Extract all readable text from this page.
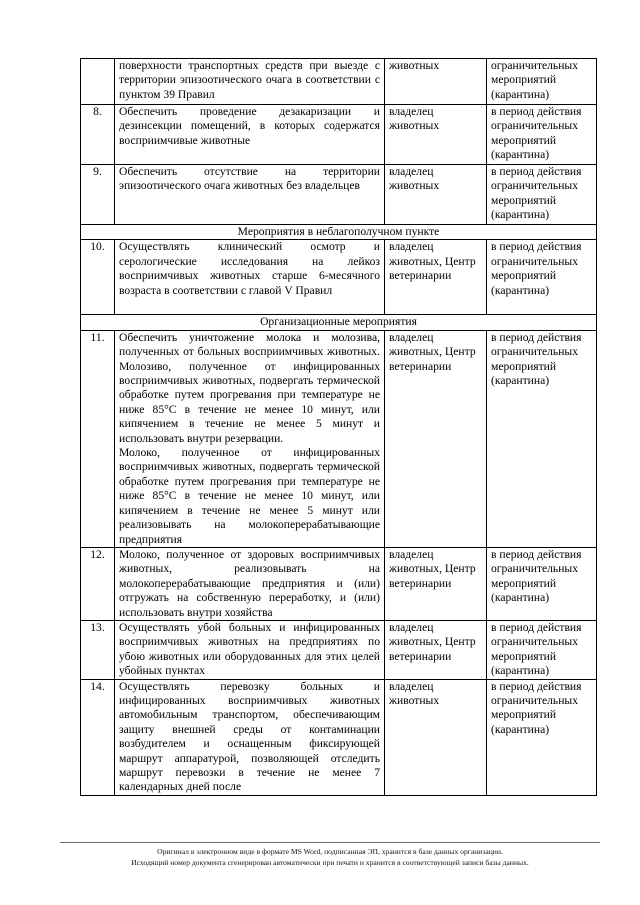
	поверхности транспортных средств при выезде с территории эпизоотического очага в соответствии с пунктом 39 Правил	животных	ограничительных мероприятий (карантина)
8.	Обеспечить проведение дезакаризации и дезинсекции помещений, в которых содержатся восприимчивые животные	владелец животных	в период действия ограничительных мероприятий (карантина)
9.	Обеспечить отсутствие на территории эпизоотического очага животных без владельцев	владелец животных	в период действия ограничительных мероприятий (карантина)
Мероприятия в неблагополучном пункте			
10.	Осуществлять клинический осмотр и серологические исследования на лейкоз восприимчивых животных старше 6-месячного возраста в соответствии с главой V Правил	владелец животных, Центр ветеринарии	в период действия ограничительных мероприятий (карантина)
Организационные мероприятия			
11.	Обеспечить уничтожение молока и молозива, полученных от больных восприимчивых животных. Молозиво, полученное от инфицированных восприимчивых животных, подвергать термической обработке путем прогревания при температуре не ниже 85°С в течение не менее 10 минут, или кипячением в течение не менее 5 минут и использовать внутри резервации.

Молоко, полученное от инфицированных восприимчивых животных, подвергать термической обработке путем прогревания при температуре не ниже 85°С в течение не менее 10 минут, или кипячением в течение не менее 5 минут или реализовывать на молокоперерабатывающие предприятия	владелец животных, Центр ветеринарии	в период действия ограничительных мероприятий (карантина)
12.	Молоко, полученное от здоровых восприимчивых животных, реализовывать на молокоперерабатывающие предприятия и (или) отгружать на собственную переработку, и (или) использовать внутри хозяйства	владелец животных, Центр ветеринарии	в период действия ограничительных мероприятий (карантина)
13.	Осуществлять убой больных и инфицированных восприимчивых животных на предприятиях по убою животных или оборудованных для этих целей убойных пунктах	владелец животных, Центр ветеринарии	в период действия ограничительных мероприятий (карантина)
14.	Осуществлять перевозку больных и инфицированных восприимчивых животных автомобильным транспортом, обеспечивающим защиту внешней среды от контаминации возбудителем и оснащенным фиксирующей маршрут аппаратурой, позволяющей отследить маршрут перевозки в течение не менее 7 календарных дней после	владелец животных	в период действия ограничительных мероприятий (карантина)
Оригинал в электронном виде в формате MS Word, подписанная ЭП, хранится в базе данных организации.
Исходящий номер документа сгенерирован автоматически при печати и хранится в соответствующей записи базы данных.
